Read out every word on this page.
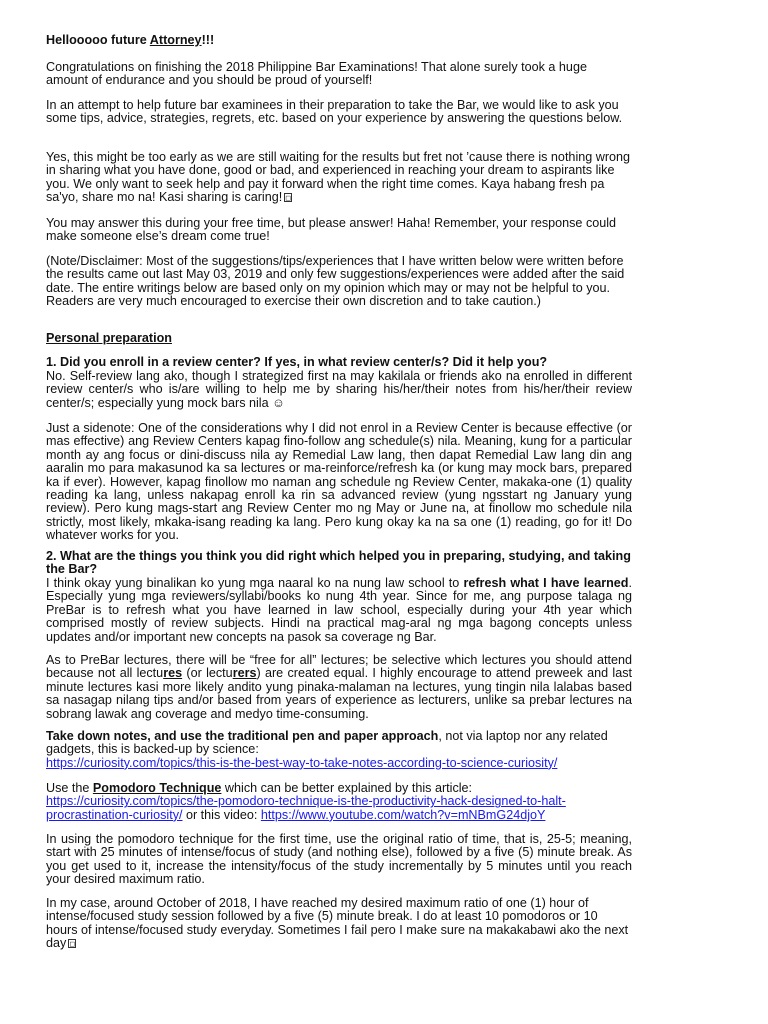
Hellooooo future Attorney!!!

Congratulations on finishing the 2018 Philippine Bar Examinations! That alone surely took a huge amount of endurance and you should be proud of yourself!

In an attempt to help future bar examinees in their preparation to take the Bar, we would like to ask you some tips, advice, strategies, regrets, etc. based on your experience by answering the questions below.

Yes, this might be too early as we are still waiting for the results but fret not ’cause there is nothing wrong in sharing what you have done, good or bad, and experienced in reaching your dream to aspirants like you. We only want to seek help and pay it forward when the right time comes. Kaya habang fresh pa sa'yo, share mo na! Kasi sharing is caring! ◻

You may answer this during your free time, but please answer! Haha! Remember, your response could make someone else’s dream come true!

(Note/Disclaimer: Most of the suggestions/tips/experiences that I have written below were written before the results came out last May 03, 2019 and only few suggestions/experiences were added after the said date. The entire writings below are based only on my opinion which may or may not be helpful to you. Readers are very much encouraged to exercise their own discretion and to take caution.)

Personal preparation

1. Did you enroll in a review center? If yes, in what review center/s? Did it help you?

No. Self-review lang ako, though I strategized first na may kakilala or friends ako na enrolled in different review center/s who is/are willing to help me by sharing his/her/their notes from his/her/their review center/s; especially yung mock bars nila ☺

Just a sidenote: One of the considerations why I did not enrol in a Review Center is because effective (or mas effective) ang Review Centers kapag fino-follow ang schedule(s) nila. Meaning, kung for a particular month ay ang focus or dini-discuss nila ay Remedial Law lang, then dapat Remedial Law lang din ang aaralin mo para makasunod ka sa lectures or ma-reinforce/refresh ka (or kung may mock bars, prepared ka if ever). However, kapag finollow mo naman ang schedule ng Review Center, makaka-one (1) quality reading ka lang, unless nakapag enroll ka rin sa advanced review (yung ngsstart ng January yung review). Pero kung mags-start ang Review Center mo ng May or June na, at finollow mo schedule nila strictly, most likely, mkaka-isang reading ka lang. Pero kung okay ka na sa one (1) reading, go for it! Do whatever works for you.

2. What are the things you think you did right which helped you in preparing, studying, and taking the Bar?

I think okay yung binalikan ko yung mga naaral ko na nung law school to refresh what I have learned. Especially yung mga reviewers/syllabi/books ko nung 4th year. Since for me, ang purpose talaga ng PreBar is to refresh what you have learned in law school, especially during your 4th year which comprised mostly of review subjects. Hindi na practical mag-aral ng mga bagong concepts unless updates and/or important new concepts na pasok sa coverage ng Bar.

As to PreBar lectures, there will be “free for all” lectures; be selective which lectures you should attend because not all lectures (or lecturers) are created equal. I highly encourage to attend preweek and last minute lectures kasi more likely andito yung pinaka-malaman na lectures, yung tingin nila lalabas based sa nasagap nilang tips and/or based from years of experience as lecturers, unlike sa prebar lectures na sobrang lawak ang coverage and medyo time-consuming.

Take down notes, and use the traditional pen and paper approach, not via laptop nor any related gadgets, this is backed-up by science:
https://curiosity.com/topics/this-is-the-best-way-to-take-notes-according-to-science-curiosity/

Use the Pomodoro Technique which can be better explained by this article:
https://curiosity.com/topics/the-pomodoro-technique-is-the-productivity-hack-designed-to-halt-
procrastination-curiosity/ or this video: https://www.youtube.com/watch?v=mNBmG24djoY

In using the pomodoro technique for the first time, use the original ratio of time, that is, 25-5; meaning, start with 25 minutes of intense/focus of study (and nothing else), followed by a five (5) minute break. As you get used to it, increase the intensity/focus of the study incrementally by 5 minutes until you reach your desired maximum ratio.

In my case, around October of 2018, I have reached my desired maximum ratio of one (1) hour of intense/focused study session followed by a five (5) minute break. I do at least 10 pomodoros or 10 hours of intense/focused study everyday. Sometimes I fail pero I make sure na makakabawi ako the next day ◻
